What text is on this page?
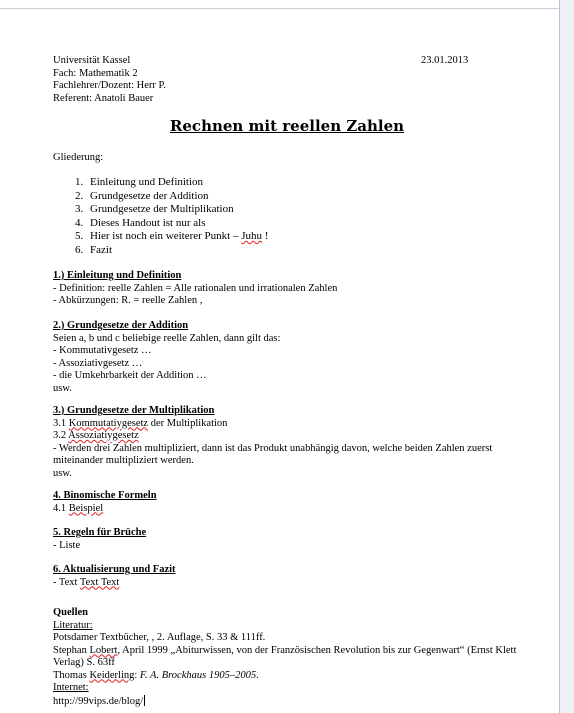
Universität Kassel
Fach: Mathematik 2
Fachlehrer/Dozent: Herr P.
Referent: Anatoli Bauer
23.01.2013
Rechnen mit reellen Zahlen
Gliederung:
1. Einleitung und Definition
2. Grundgesetze der Addition
3. Grundgesetze der Multiplikation
4. Dieses Handout ist nur als
5. Hier ist noch ein weiterer Punkt – Juhu !
6. Fazit
1.) Einleitung und Definition
- Definition: reelle Zahlen = Alle rationalen und irrationalen Zahlen
- Abkürzungen: R. = reelle Zahlen ,
2.) Grundgesetze der Addition
Seien a, b und c beliebige reelle Zahlen, dann gilt das:
- Kommutativgesetz …
- Assoziativgesetz …
- die Umkehrbarkeit der Addition …
usw.
3.) Grundgesetze der Multiplikation
3.1 Kommutatiygesetz der Multiplikation
3.2 Assoziatiygesetz
- Werden drei Zahlen multipliziert, dann ist das Produkt unabhängig davon, welche beiden Zahlen zuerst miteinander multipliziert werden.
usw.
4. Binomische Formeln
4.1 Beispiel
5. Regeln für Brüche
- Liste
6. Aktualisierung und Fazit
- Text Text Text
Quellen
Literatur:
Potsdamer Textbücher, , 2. Auflage, S. 33 & 111ff.
Stephan Lobert, April 1999 „Abiturwissen, von der Französischen Revolution bis zur Gegenwart“ (Ernst Klett
Verlag) S. 63ff
Thomas Keiderling: F. A. Brockhaus 1905–2005.
Internet:
http://99vips.de/blog/
